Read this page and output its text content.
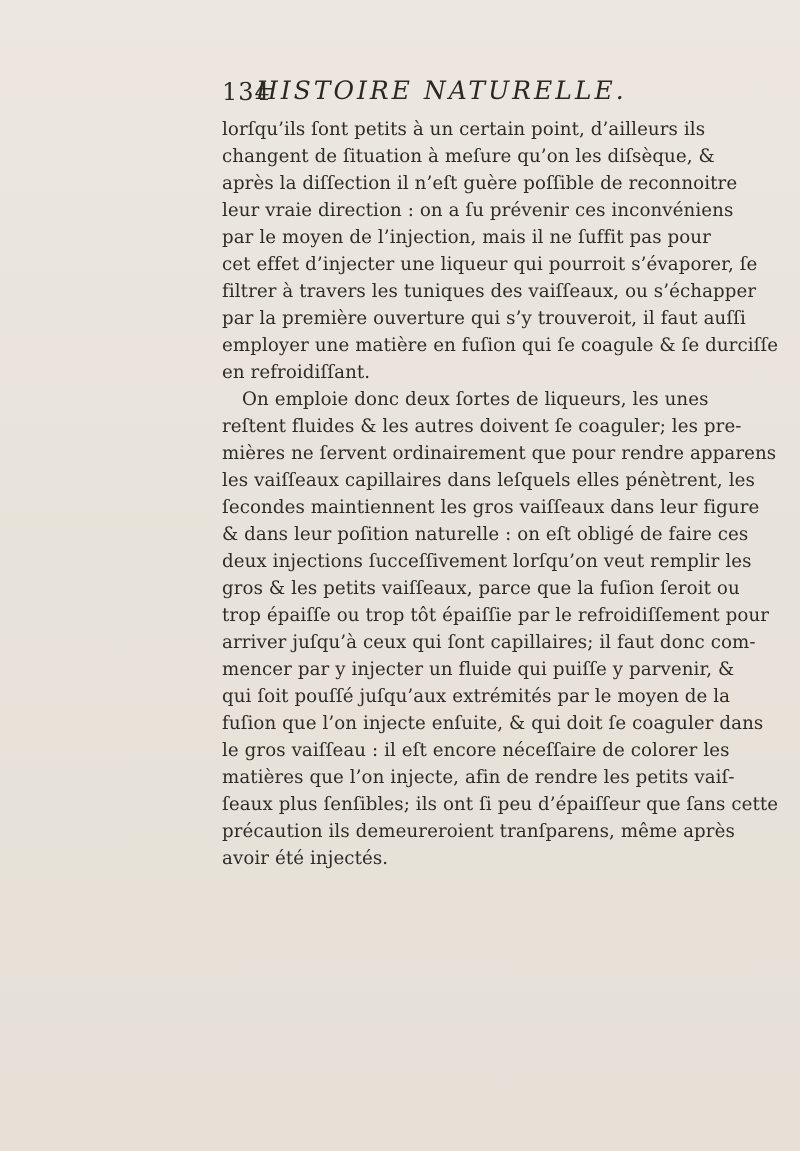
134
HISTOIRE NATURELLE.
lorſqu’ils ſont petits à un certain point, d’ailleurs ils
changent de ſituation à meſure qu’on les diſsèque, &
après la diſſection il n’eſt guère poſſible de reconnoitre
leur vraie direction : on a ſu prévenir ces inconvéniens
par le moyen de l’injection, mais il ne ſuffit pas pour
cet effet d’injecter une liqueur qui pourroit s’évaporer, ſe
filtrer à travers les tuniques des vaiſſeaux, ou s’échapper
par la première ouverture qui s’y trouveroit, il faut auſſi
employer une matière en fuſion qui ſe coagule & ſe durciſſe
en refroidiſſant.
On emploie donc deux ſortes de liqueurs, les unes
reſtent fluides & les autres doivent ſe coaguler; les pre-
mières ne ſervent ordinairement que pour rendre apparens
les vaiſſeaux capillaires dans leſquels elles pénètrent, les
ſecondes maintiennent les gros vaiſſeaux dans leur figure
& dans leur poſition naturelle : on eſt obligé de faire ces
deux injections ſucceſſivement lorſqu’on veut remplir les
gros & les petits vaiſſeaux, parce que la fuſion ſeroit ou
trop épaiſſe ou trop tôt épaiſſie par le refroidiſſement pour
arriver juſqu’à ceux qui ſont capillaires; il faut donc com-
mencer par y injecter un fluide qui puiſſe y parvenir, &
qui ſoit pouſſé juſqu’aux extrémités par le moyen de la
fuſion que l’on injecte enſuite, & qui doit ſe coaguler dans
le gros vaiſſeau : il eſt encore néceſſaire de colorer les
matières que l’on injecte, afin de rendre les petits vaiſ-
ſeaux plus ſenſibles; ils ont ſi peu d’épaiſſeur que ſans cette
précaution ils demeureroient tranſparens, même après
avoir été injectés.
